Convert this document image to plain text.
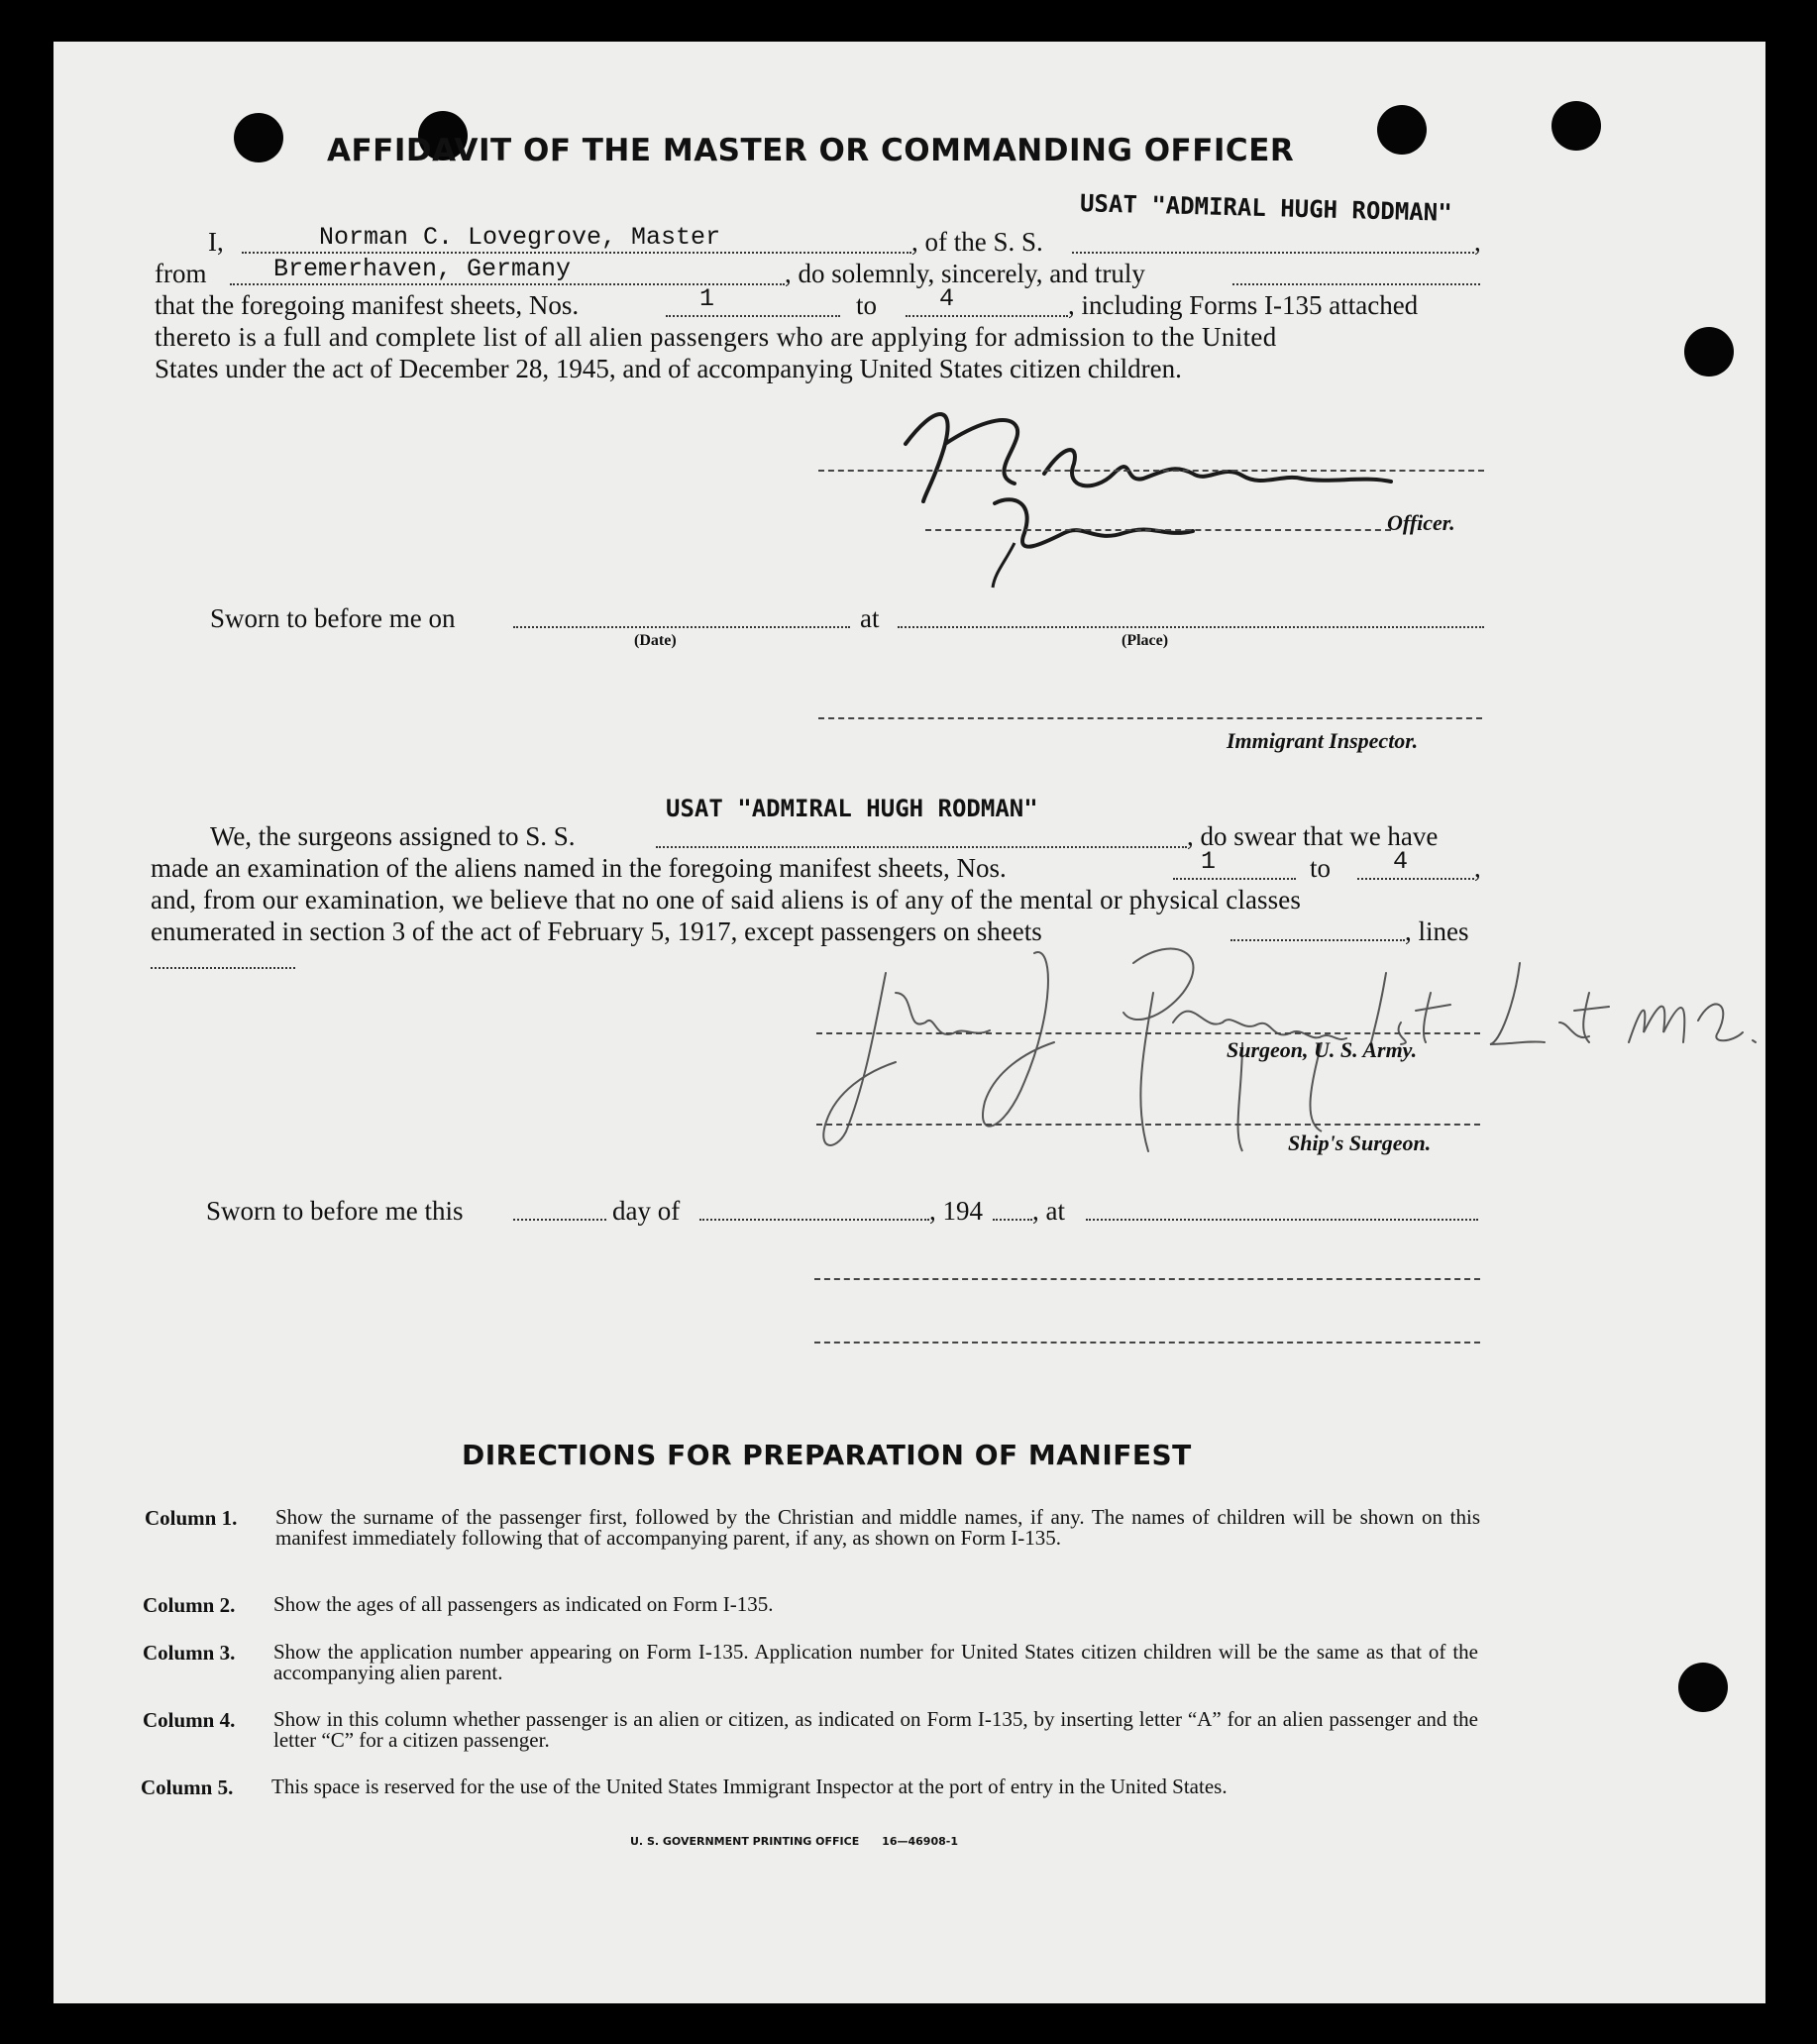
AFFIDAVIT OF THE MASTER OR COMMANDING OFFICER
USAT "ADMIRAL HUGH RODMAN"
I,	Norman C. Lovegrove, Master	, of the S. S.	,
from	Bremerhaven, Germany	, do solemnly, sincerely, and truly
that the foregoing manifest sheets, Nos.	1	to	4	, including Forms I-135 attached
thereto is a full and complete list of all alien passengers who are applying for admission to the United
States under the act of December 28, 1945, and of accompanying United States citizen children.
Officer.
Sworn to before me on
(Date)
at
(Place)
Immigrant Inspector.
USAT "ADMIRAL HUGH RODMAN"
We, the surgeons assigned to S. S.	, do swear that we have
made an examination of the aliens named in the foregoing manifest sheets, Nos.	1	to	4 ,
and, from our examination, we believe that no one of said aliens is of any of the mental or physical classes
enumerated in section 3 of the act of February 5, 1917, except passengers on sheets	, lines
Surgeon, U. S. Army.
Ship's Surgeon.
Sworn to before me this	day of	, 194 , at
DIRECTIONS FOR PREPARATION OF MANIFEST
Column 1. Show the surname of the passenger first, followed by the Christian and middle names, if any. The names of children will be shown on this manifest immediately following that of accompanying parent, if any, as shown on Form I-135.
Column 2. Show the ages of all passengers as indicated on Form I-135.
Column 3. Show the application number appearing on Form I-135. Application number for United States citizen children will be the same as that of the accompanying alien parent.
Column 4. Show in this column whether passenger is an alien or citizen, as indicated on Form I-135, by inserting letter “A” for an alien passenger and the letter “C” for a citizen passenger.
Column 5. This space is reserved for the use of the United States Immigrant Inspector at the port of entry in the United States.
U. S. GOVERNMENT PRINTING OFFICE      16—46908-1
